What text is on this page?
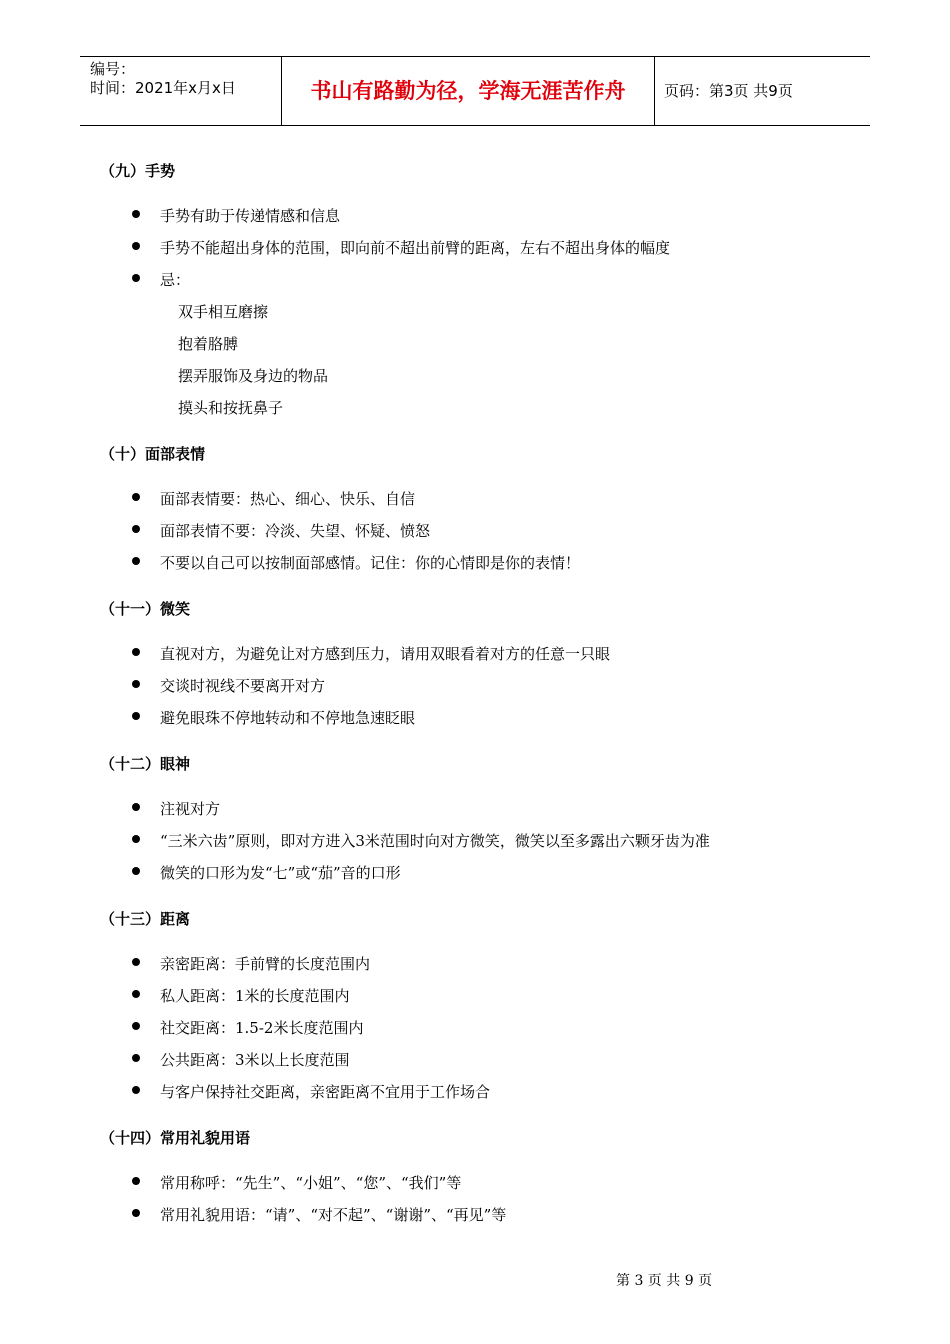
编号：
时间：2021年x月x日	书山有路勤为径，学海无涯苦作舟	页码：第3页 共9页
（九）手势
手势有助于传递情感和信息
手势不能超出身体的范围，即向前不超出前臂的距离，左右不超出身体的幅度
忌：
双手相互磨擦
抱着胳膊
摆弄服饰及身边的物品
摸头和按抚鼻子
（十）面部表情
面部表情要：热心、细心、快乐、自信
面部表情不要：冷淡、失望、怀疑、愤怒
不要以自己可以按制面部感情。记住：你的心情即是你的表情！
（十一）微笑
直视对方，为避免让对方感到压力，请用双眼看着对方的任意一只眼
交谈时视线不要离开对方
避免眼珠不停地转动和不停地急速眨眼
（十二）眼神
注视对方
“三米六齿”原则，即对方进入3米范围时向对方微笑，微笑以至多露出六颗牙齿为准
微笑的口形为发“七”或“茄”音的口形
（十三）距离
亲密距离：手前臂的长度范围内
私人距离：1米的长度范围内
社交距离：1.5-2米长度范围内
公共距离：3米以上长度范围
与客户保持社交距离，亲密距离不宜用于工作场合
（十四）常用礼貌用语
常用称呼：“先生”、“小姐”、“您”、“我们”等
常用礼貌用语：“请”、“对不起”、“谢谢”、“再见”等
第 3 页 共 9 页
